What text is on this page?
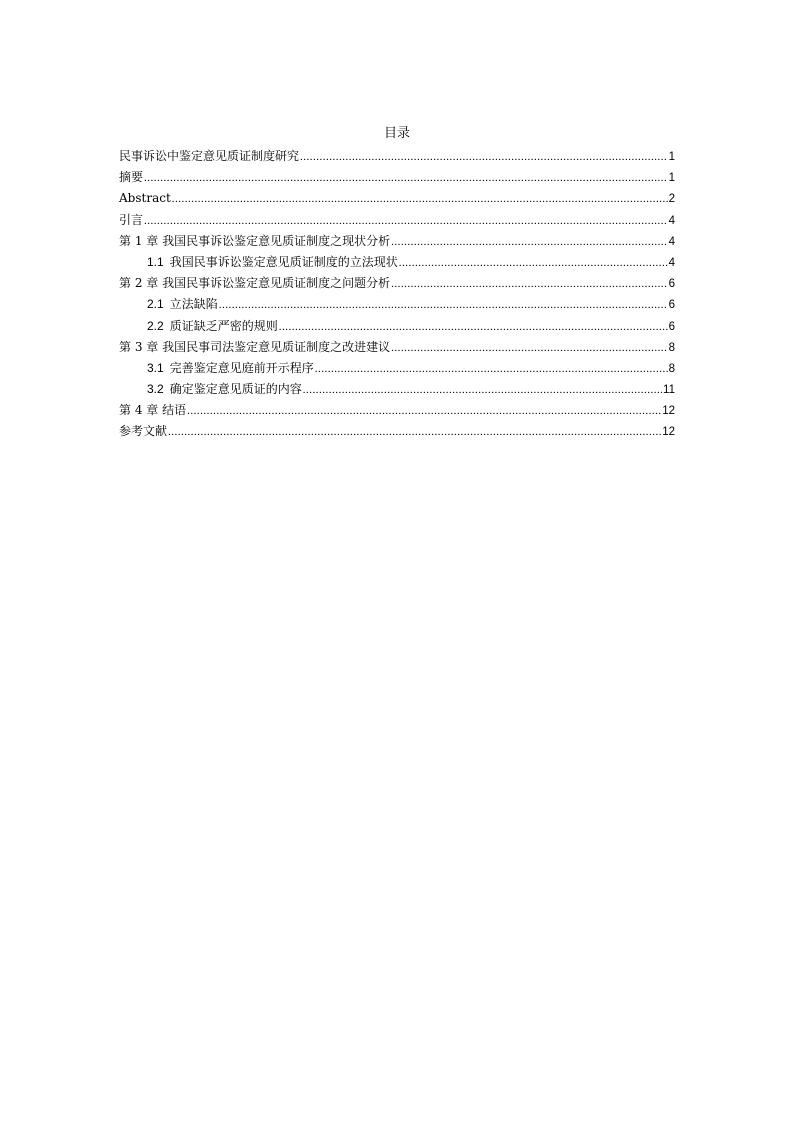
目录
民事诉讼中鉴定意见质证制度研究 .....	1
摘要 .....	1
Abstract .....	2
引言 .....	4
第 1 章 我国民事诉讼鉴定意见质证制度之现状分析 .....	4
1.1 我国民事诉讼鉴定意见质证制度的立法现状 .....	4
第 2 章 我国民事诉讼鉴定意见质证制度之问题分析 .....	6
2.1 立法缺陷 .....	6
2.2 质证缺乏严密的规则 .....	6
第 3 章 我国民事司法鉴定意见质证制度之改进建议 .....	8
3.1 完善鉴定意见庭前开示程序 .....	8
3.2 确定鉴定意见质证的内容 .....	11
第 4 章 结语 .....	12
参考文献 .....	12
